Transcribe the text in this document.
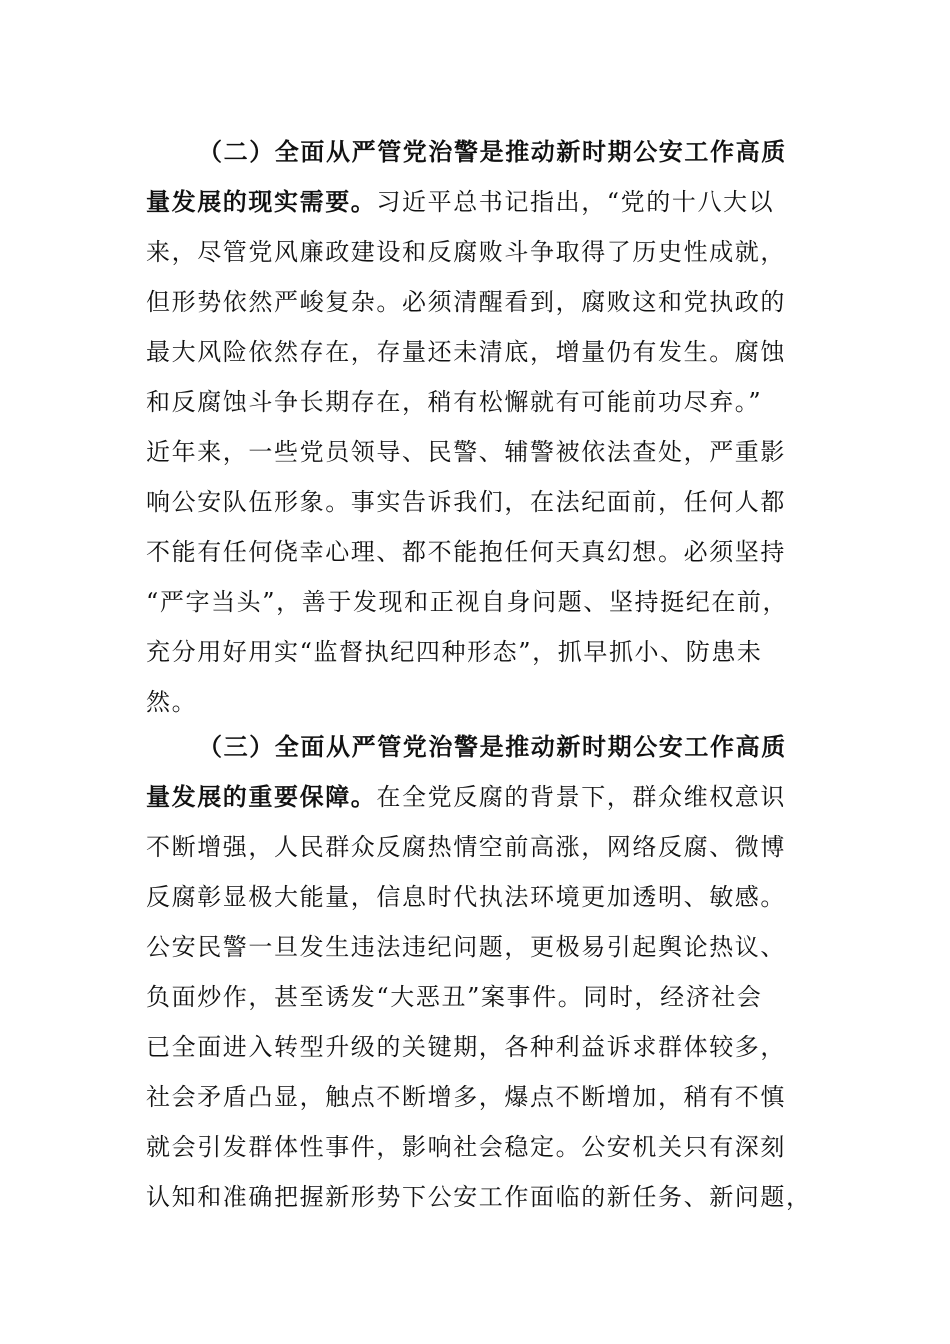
（二）全面从严管党治警是推动新时期公安工作高质
量发展的现实需要。习近平总书记指出，“党的十八大以
来，尽管党风廉政建设和反腐败斗争取得了历史性成就，
但形势依然严峻复杂。必须清醒看到，腐败这和党执政的
最大风险依然存在，存量还未清底，增量仍有发生。腐蚀
和反腐蚀斗争长期存在，稍有松懈就有可能前功尽弃。”
近年来，一些党员领导、民警、辅警被依法查处，严重影
响公安队伍形象。事实告诉我们，在法纪面前，任何人都
不能有任何侥幸心理、都不能抱任何天真幻想。必须坚持
“严字当头”，善于发现和正视自身问题、坚持挺纪在前，
充分用好用实“监督执纪四种形态”，抓早抓小、防患未
然。
（三）全面从严管党治警是推动新时期公安工作高质
量发展的重要保障。在全党反腐的背景下，群众维权意识
不断增强，人民群众反腐热情空前高涨，网络反腐、微博
反腐彰显极大能量，信息时代执法环境更加透明、敏感。
公安民警一旦发生违法违纪问题，更极易引起舆论热议、
负面炒作，甚至诱发“大恶丑”案事件。同时，经济社会
已全面进入转型升级的关键期，各种利益诉求群体较多，
社会矛盾凸显，触点不断增多，爆点不断增加，稍有不慎
就会引发群体性事件，影响社会稳定。公安机关只有深刻
认知和准确把握新形势下公安工作面临的新任务、新问题，
